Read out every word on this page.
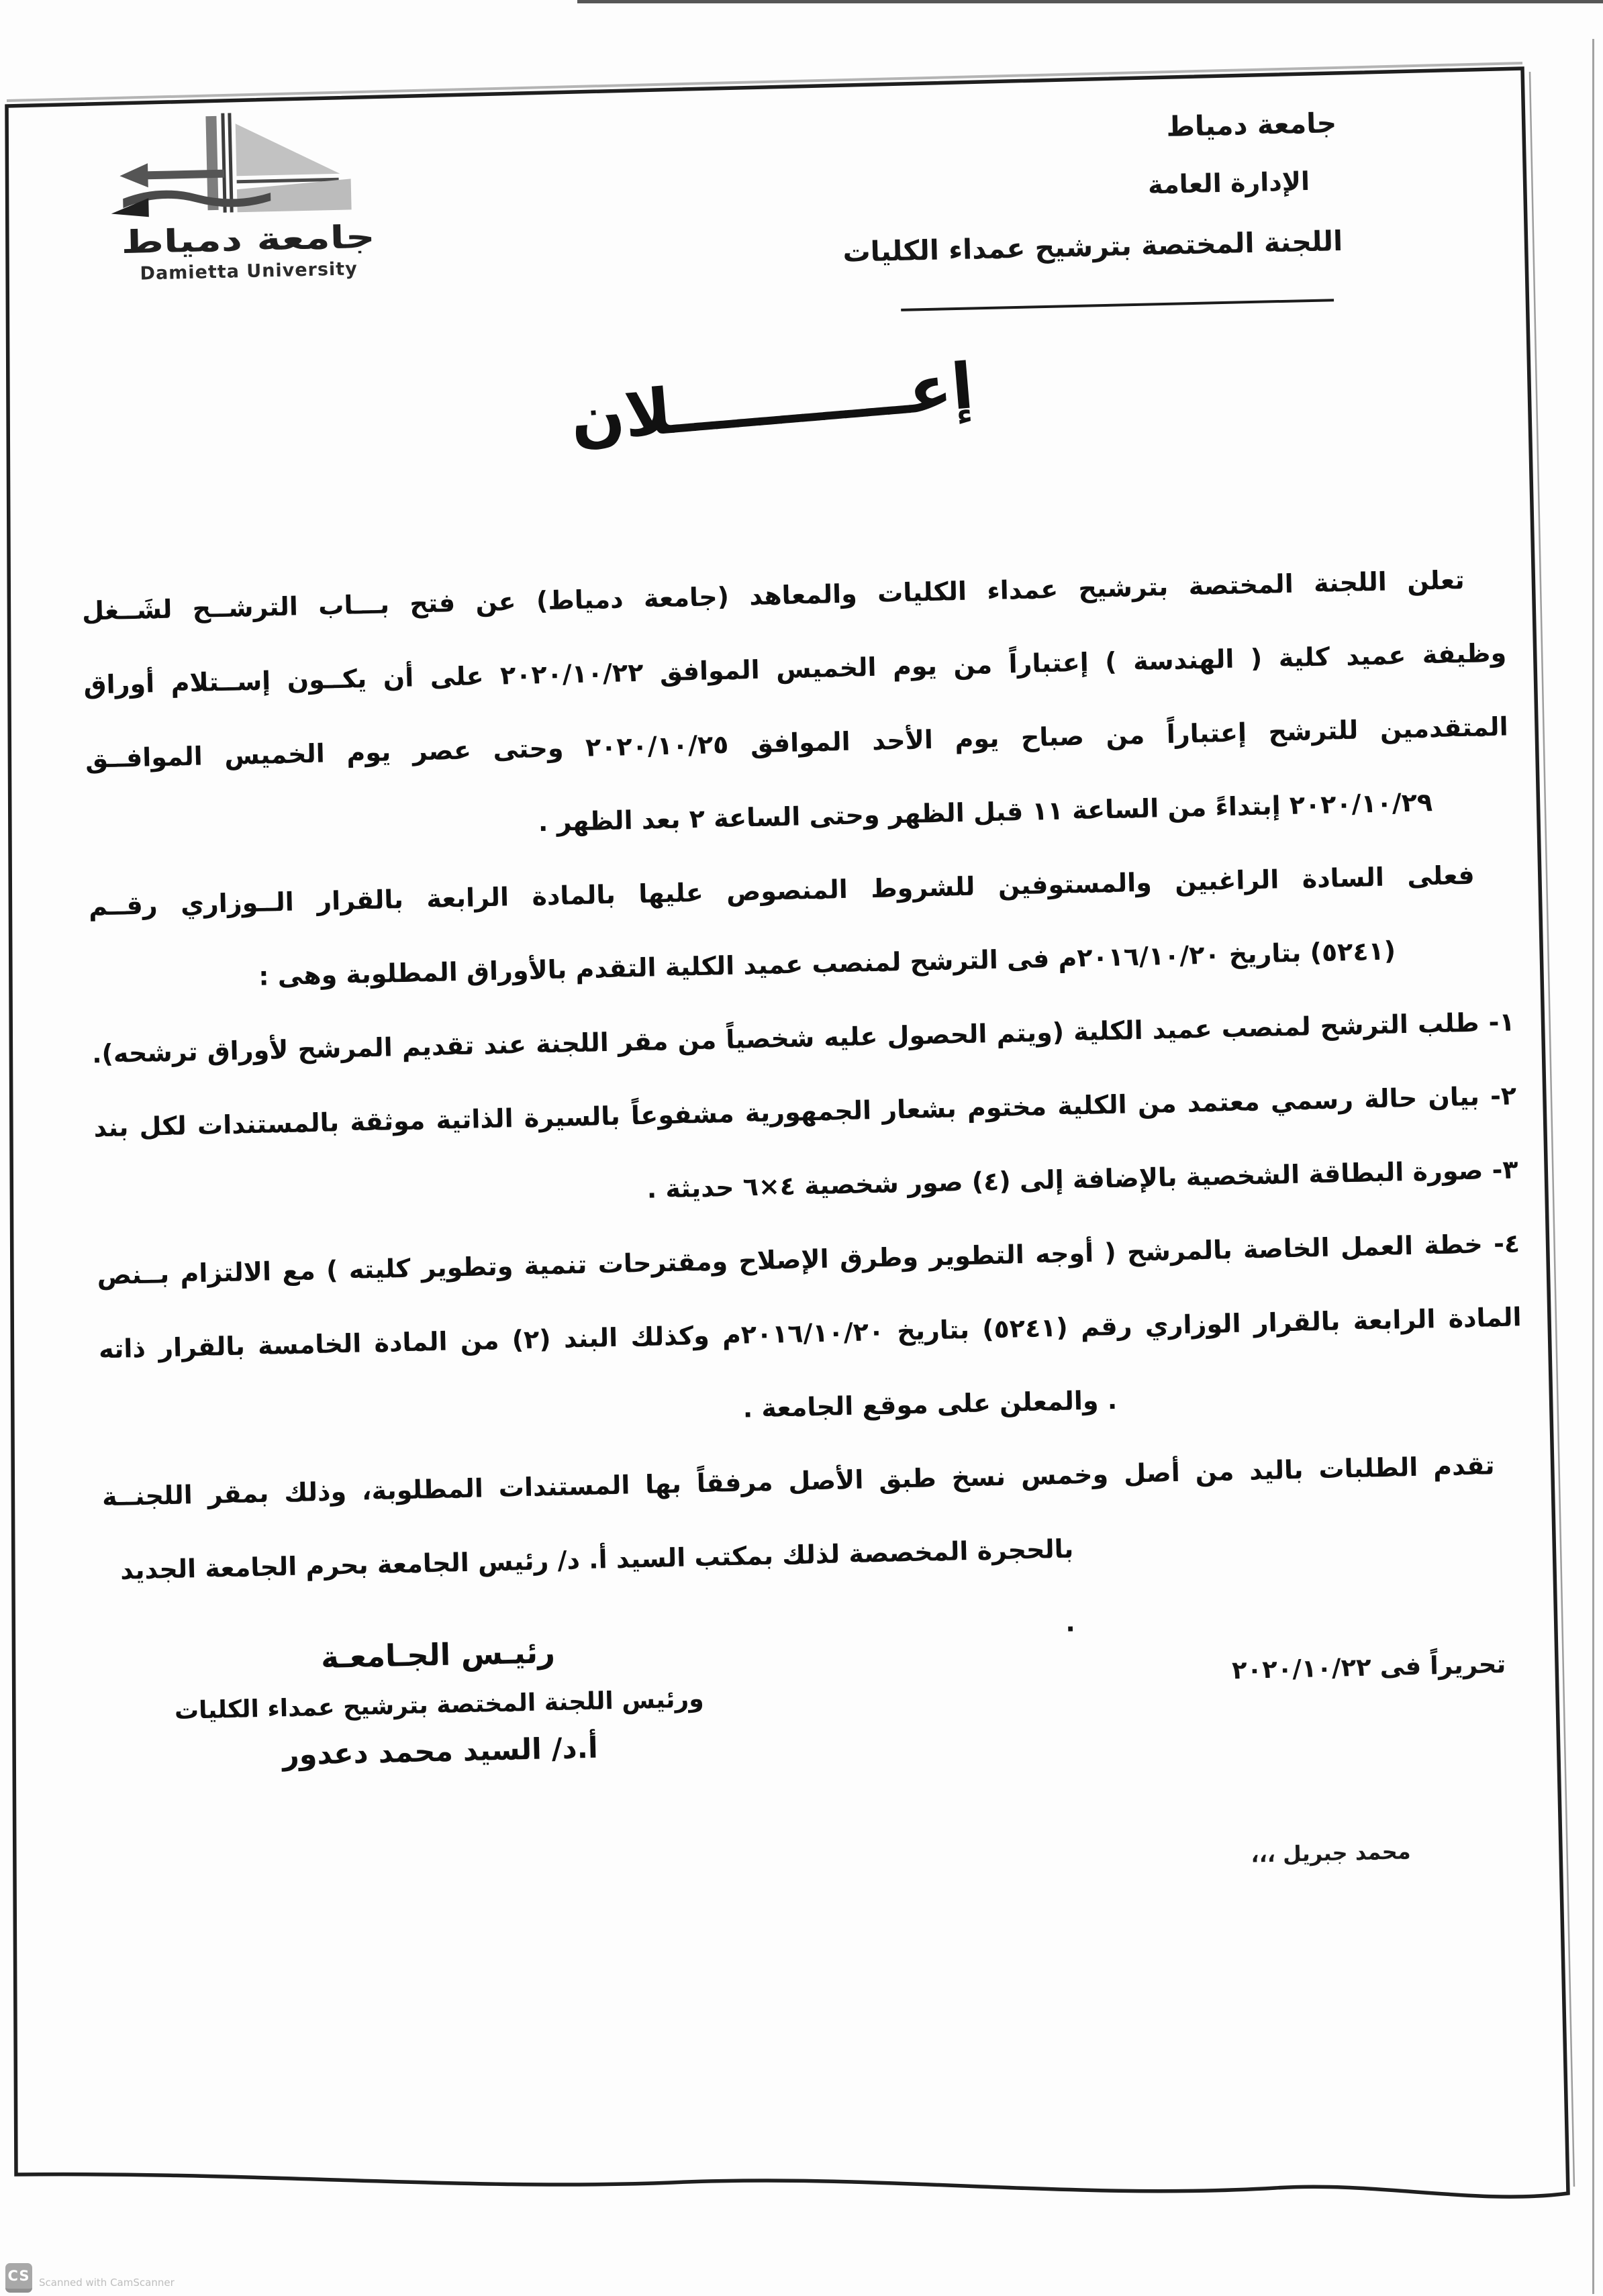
جامعة دمياط
Damietta University
جامعة دمياط
الإدارة العامة
اللجنة المختصة بترشيح عمداء الكليات
إعـــــــــــلان
تعلن اللجنة المختصة بترشيح عمداء الكليات والمعاهد (جامعة دمياط) عن فتح بـــاب الترشــح لشَــغل
وظيفة عميد كلية ( الهندسة ) إعتباراً من يوم الخميس الموافق ٢٠٢٠/١٠/٢٢ على أن يكــون إســتلام أوراق
المتقدمين للترشح إعتباراً من صباح يوم الأحد الموافق ٢٠٢٠/١٠/٢٥ وحتى عصر يوم الخميس الموافــق
٢٠٢٠/١٠/٢٩ إبتداءً من الساعة ١١ قبل الظهر وحتى الساعة ٢ بعد الظهر .
فعلى السادة الراغبين والمستوفين للشروط المنصوص عليها بالمادة الرابعة بالقرار الــوزاري رقــم
(٥٢٤١) بتاريخ ٢٠١٦/١٠/٢٠م فى الترشح لمنصب عميد الكلية التقدم بالأوراق المطلوبة وهى :
١- طلب الترشح لمنصب عميد الكلية (ويتم الحصول عليه شخصياً من مقر اللجنة عند تقديم المرشح لأوراق ترشحه).
٢- بيان حالة رسمي معتمد من الكلية مختوم بشعار الجمهورية مشفوعاً بالسيرة الذاتية موثقة بالمستندات لكل بند
٣- صورة البطاقة الشخصية بالإضافة إلى (٤) صور شخصية ٤×٦ حديثة .
٤- خطة العمل الخاصة بالمرشح ( أوجه التطوير وطرق الإصلاح ومقترحات تنمية وتطوير كليته ) مع الالتزام بــنص
المادة الرابعة بالقرار الوزاري رقم (٥٢٤١) بتاريخ ٢٠١٦/١٠/٢٠م وكذلك البند (٢) من المادة الخامسة بالقرار ذاته
. والمعلن على موقع الجامعة .
تقدم الطلبات باليد من أصل وخمس نسخ طبق الأصل مرفقاً بها المستندات المطلوبة، وذلك بمقر اللجنــة
بالحجرة المخصصة لذلك بمكتب السيد أ. د/ رئيس الجامعة بحرم الجامعة الجديد .
تحريراً فى ٢٠٢٠/١٠/٢٢
رئيـس الجـامعـة
ورئيس اللجنة المختصة بترشيح عمداء الكليات
أ.د/ السيد محمد دعدور
محمد جبريل ،،،
CS Scanned with CamScanner
